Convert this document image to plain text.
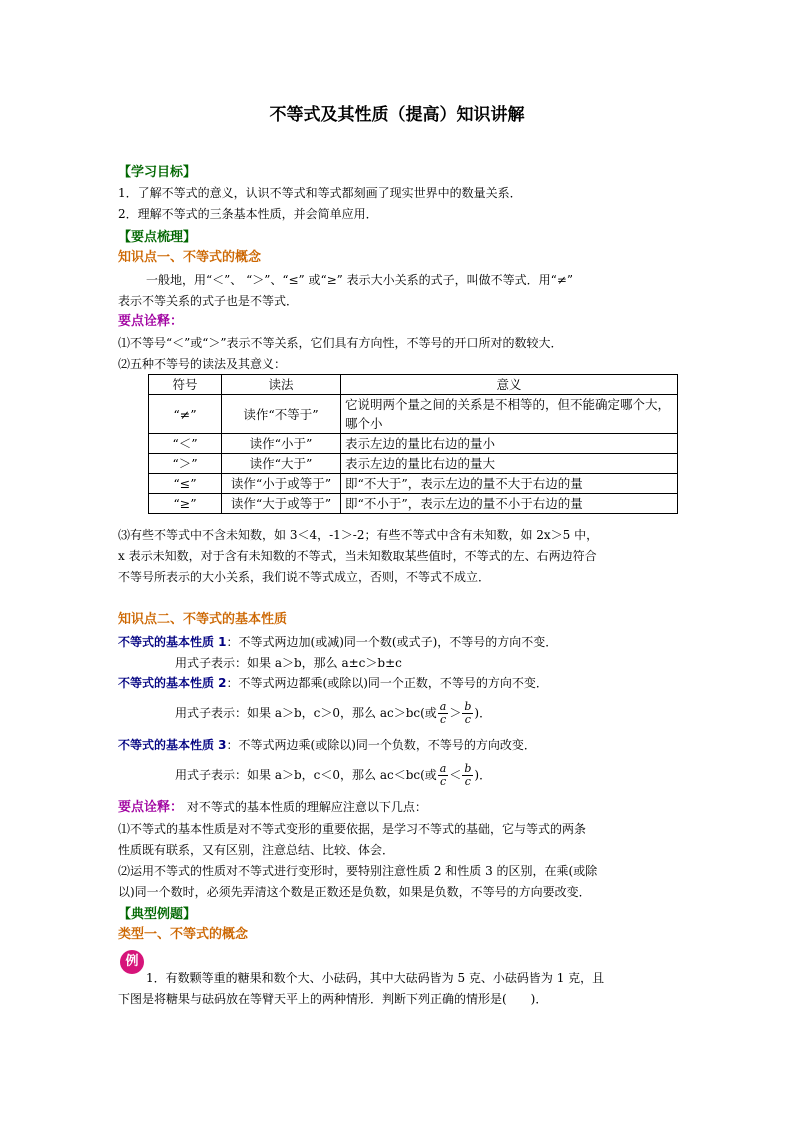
不等式及其性质（提高）知识讲解
【学习目标】
1．了解不等式的意义，认识不等式和等式都刻画了现实世界中的数量关系．
2．理解不等式的三条基本性质，并会简单应用．
【要点梳理】
知识点一、不等式的概念
一般地，用“＜”、 “＞”、“≤” 或“≥” 表示大小关系的式子，叫做不等式．用“≠”
表示不等关系的式子也是不等式．
要点诠释：
⑴不等号“＜”或“＞”表示不等关系，它们具有方向性，不等号的开口所对的数较大．
⑵五种不等号的读法及其意义：
符号	读法	意义
“≠”	读作“不等于”	它说明两个量之间的关系是不相等的，但不能确定哪个大，哪个小
“＜”	读作“小于”	表示左边的量比右边的量小
“＞”	读作“大于”	表示左边的量比右边的量大
“≤”	读作“小于或等于”	即“不大于”，表示左边的量不大于右边的量
“≥”	读作“大于或等于”	即“不小于”，表示左边的量不小于右边的量
⑶有些不等式中不含未知数，如 3＜4，-1＞-2；有些不等式中含有未知数，如 2x＞5 中，
x 表示未知数，对于含有未知数的不等式，当未知数取某些值时，不等式的左、右两边符合
不等号所表示的大小关系，我们说不等式成立，否则，不等式不成立．
知识点二、不等式的基本性质
不等式的基本性质 1：不等式两边加(或减)同一个数(或式子)，不等号的方向不变．
用式子表示：如果 a＞b，那么 a±c＞b±c
不等式的基本性质 2：不等式两边都乘(或除以)同一个正数，不等号的方向不变．
用式子表示：如果 a＞b，c＞0，那么 ac＞bc(或 $\frac{a}{c} > \frac{b}{c}$ )．
不等式的基本性质 3：不等式两边乘(或除以)同一个负数，不等号的方向改变．
用式子表示：如果 a＞b，c＜0，那么 ac＜bc(或 $\frac{a}{c} < \frac{b}{c}$ )．
要点诠释： 对不等式的基本性质的理解应注意以下几点：
⑴不等式的基本性质是对不等式变形的重要依据，是学习不等式的基础，它与等式的两条
性质既有联系，又有区别，注意总结、比较、体会．
⑵运用不等式的性质对不等式进行变形时，要特别注意性质 2 和性质 3 的区别，在乘(或除
以)同一个数时，必须先弄清这个数是正数还是负数，如果是负数，不等号的方向要改变．
【典型例题】
类型一、不等式的概念
例
1．有数颗等重的糖果和数个大、小砝码，其中大砝码皆为 5 克、小砝码皆为 1 克，且
下图是将糖果与砝码放在等臂天平上的两种情形．判断下列正确的情形是(　　)．
